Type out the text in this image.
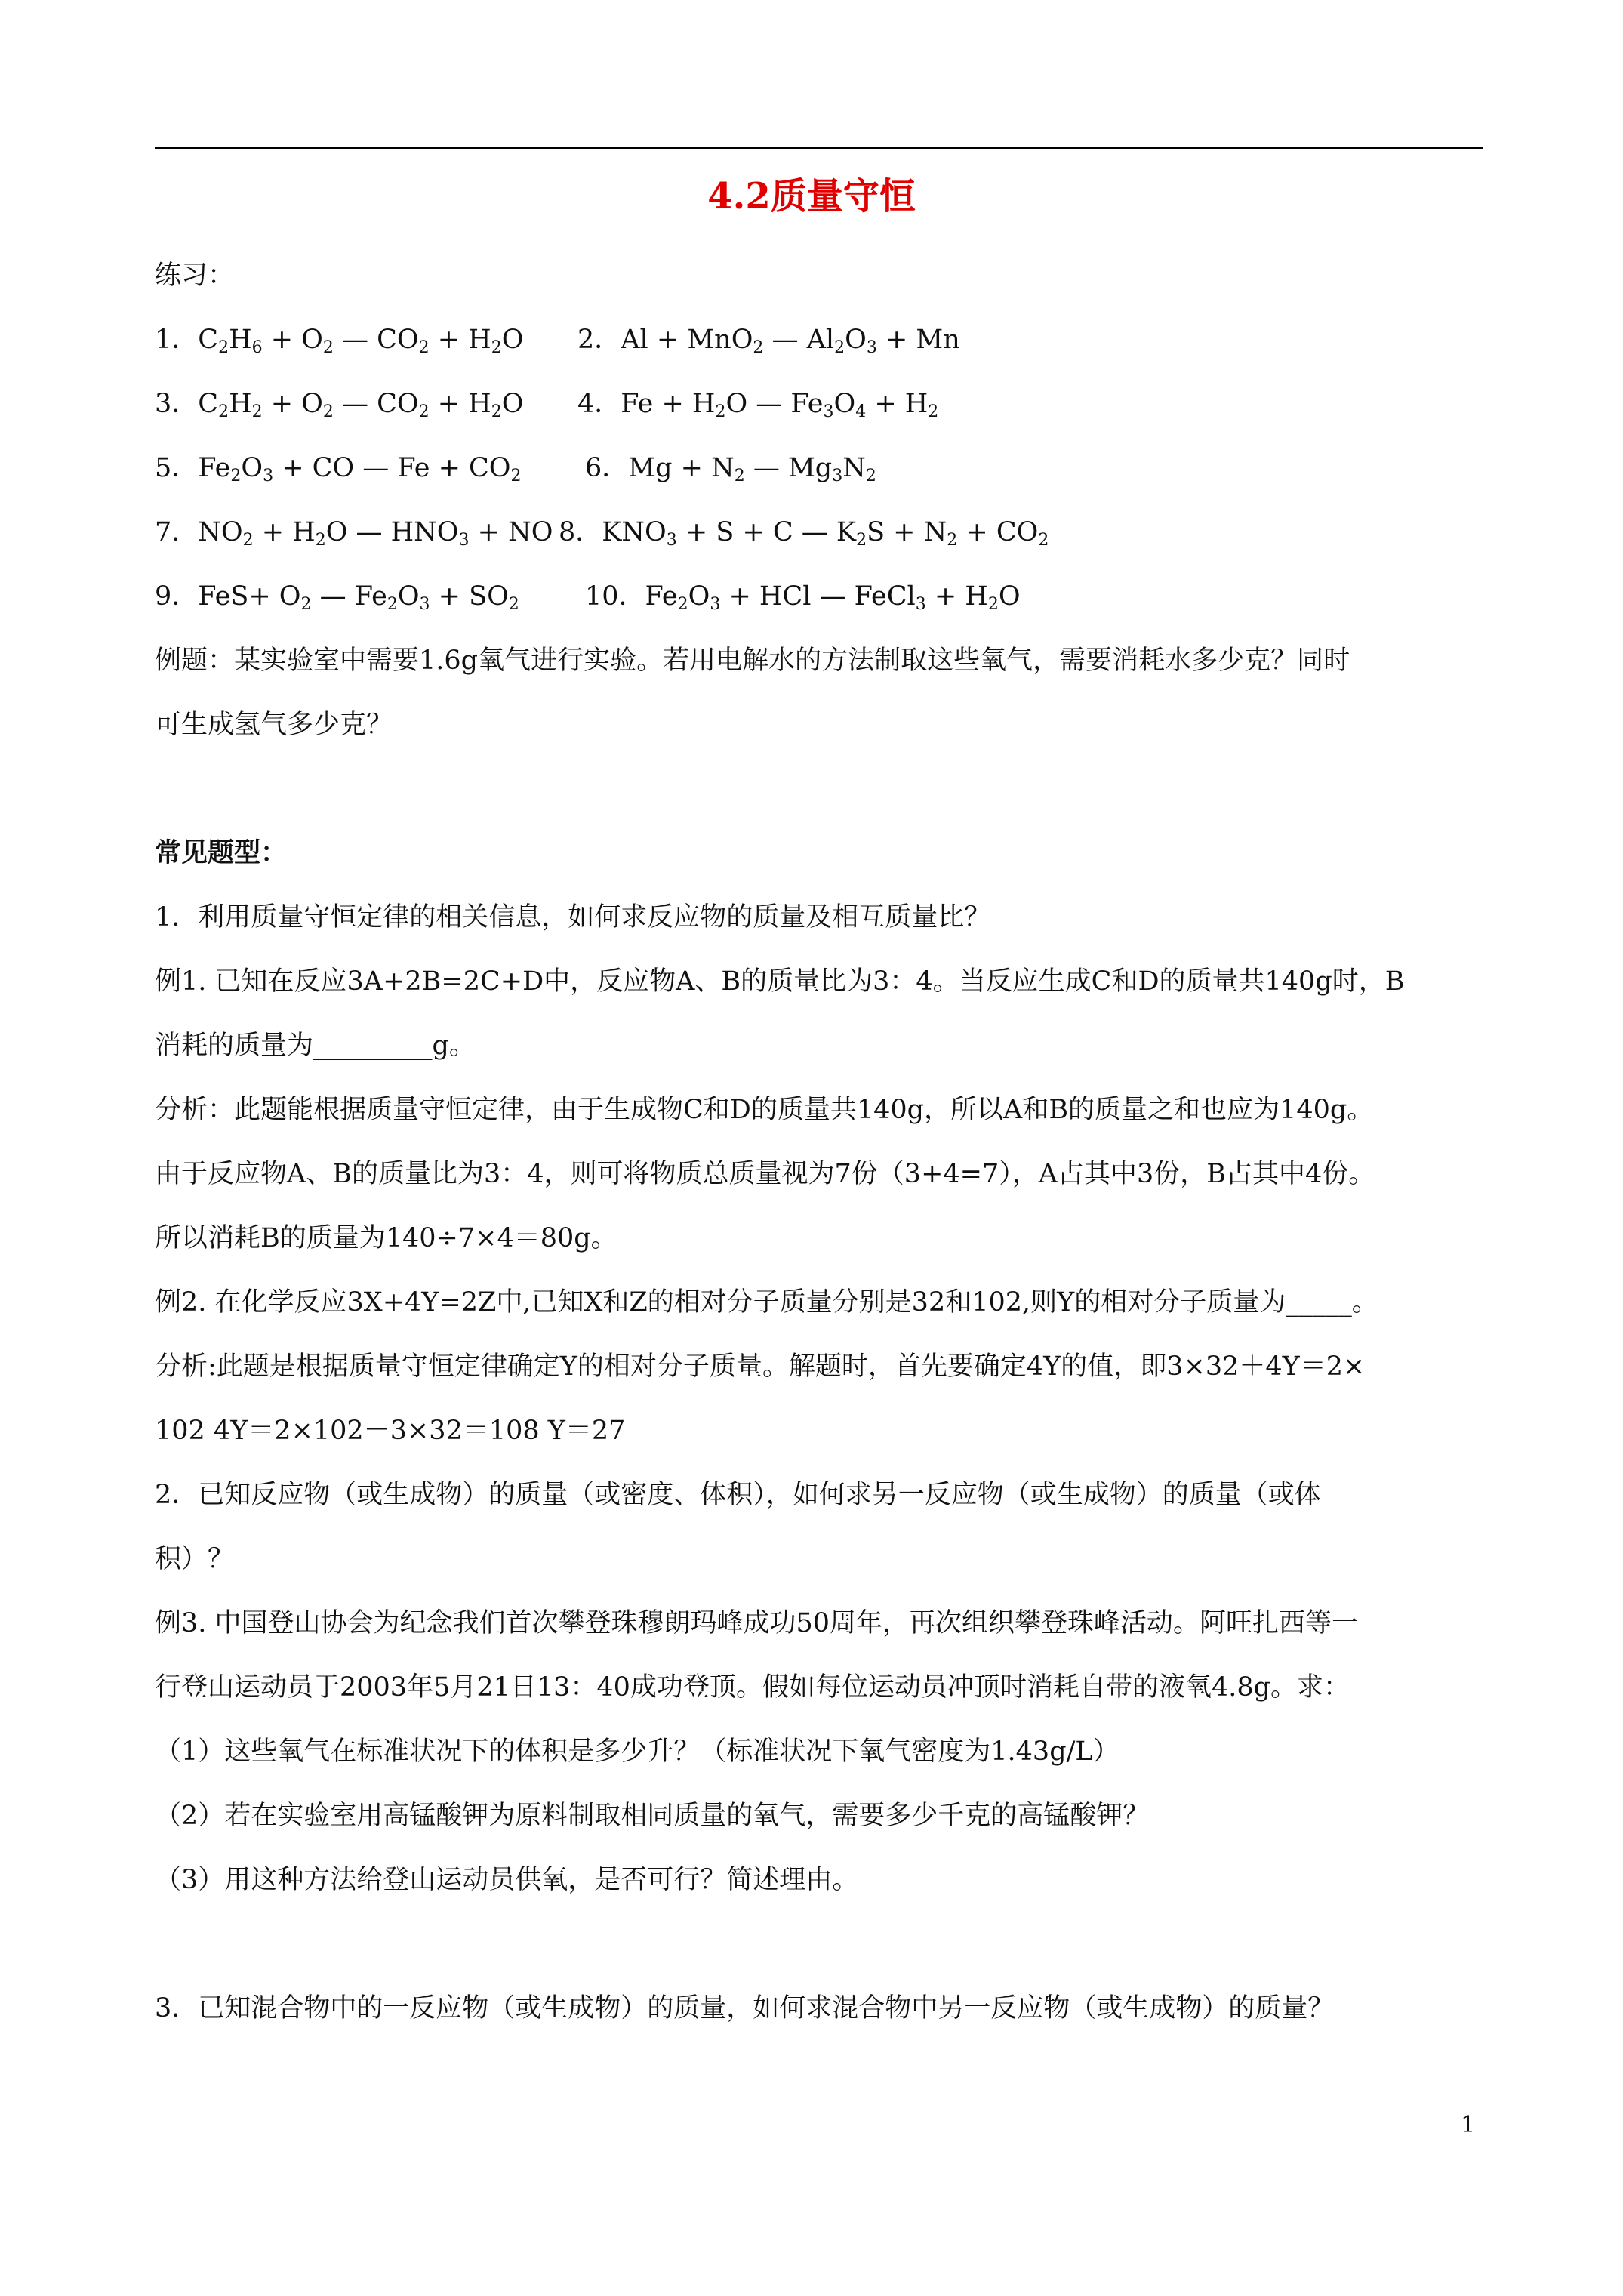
4.2质量守恒
练习：
1．$C_2H_6 + O_2$ — $CO_2 + H_2O$ 2．Al + MnO$_2$ — $Al_2O_3 + Mn$
3．$C_2H_2 + O_2$ — $CO_2 + H_2O$ 4．$Fe + H_2O$ — $Fe_3O_4 + H_2$
5．$Fe_2O_3$ + CO — $Fe + CO_2$ 6．$Mg + N_2$ — $Mg_3N_2$
7．$NO_2 + H_2O$ — $HNO_3$ + NO 8．$KNO_3 + S + C$ — $K_2S + N_2 + CO_2$
9．$FeS+ O_2$ — $Fe_2O_3 + SO_2$ 10．$Fe_2O_3$ + HCl — FeCl$_3$ + $H_2O$
例题：某实验室中需要1.6g氧气进行实验。若用电解水的方法制取这些氧气，需要消耗水多少克？同时
可生成氢气多少克？
常见题型：
1．利用质量守恒定律的相关信息，如何求反应物的质量及相互质量比？
例1. 已知在反应3A+2B=2C+D中，反应物A、B的质量比为3：4。当反应生成C和D的质量共140g时，B
消耗的质量为_________g。
分析：此题能根据质量守恒定律，由于生成物C和D的质量共140g，所以A和B的质量之和也应为140g。
由于反应物A、B的质量比为3：4，则可将物质总质量视为7份（3+4=7），A占其中3份，B占其中4份。
所以消耗B的质量为140÷7×4＝80g。
例2. 在化学反应3X+4Y=2Z中,已知X和Z的相对分子质量分别是32和102,则Y的相对分子质量为_____。
分析:此题是根据质量守恒定律确定Y的相对分子质量。解题时，首先要确定4Y的值，即3×32＋4Y＝2×
102 4Y＝2×102－3×32＝108 Y＝27
2．已知反应物（或生成物）的质量（或密度、体积），如何求另一反应物（或生成物）的质量（或体
积）？
例3. 中国登山协会为纪念我们首次攀登珠穆朗玛峰成功50周年，再次组织攀登珠峰活动。阿旺扎西等一
行登山运动员于2003年5月21日13：40成功登顶。假如每位运动员冲顶时消耗自带的液氧4.8g。求：
（1）这些氧气在标准状况下的体积是多少升？（标准状况下氧气密度为1.43g/L）
（2）若在实验室用高锰酸钾为原料制取相同质量的氧气，需要多少千克的高锰酸钾？
（3）用这种方法给登山运动员供氧，是否可行？简述理由。
3．已知混合物中的一反应物（或生成物）的质量，如何求混合物中另一反应物（或生成物）的质量？
1
